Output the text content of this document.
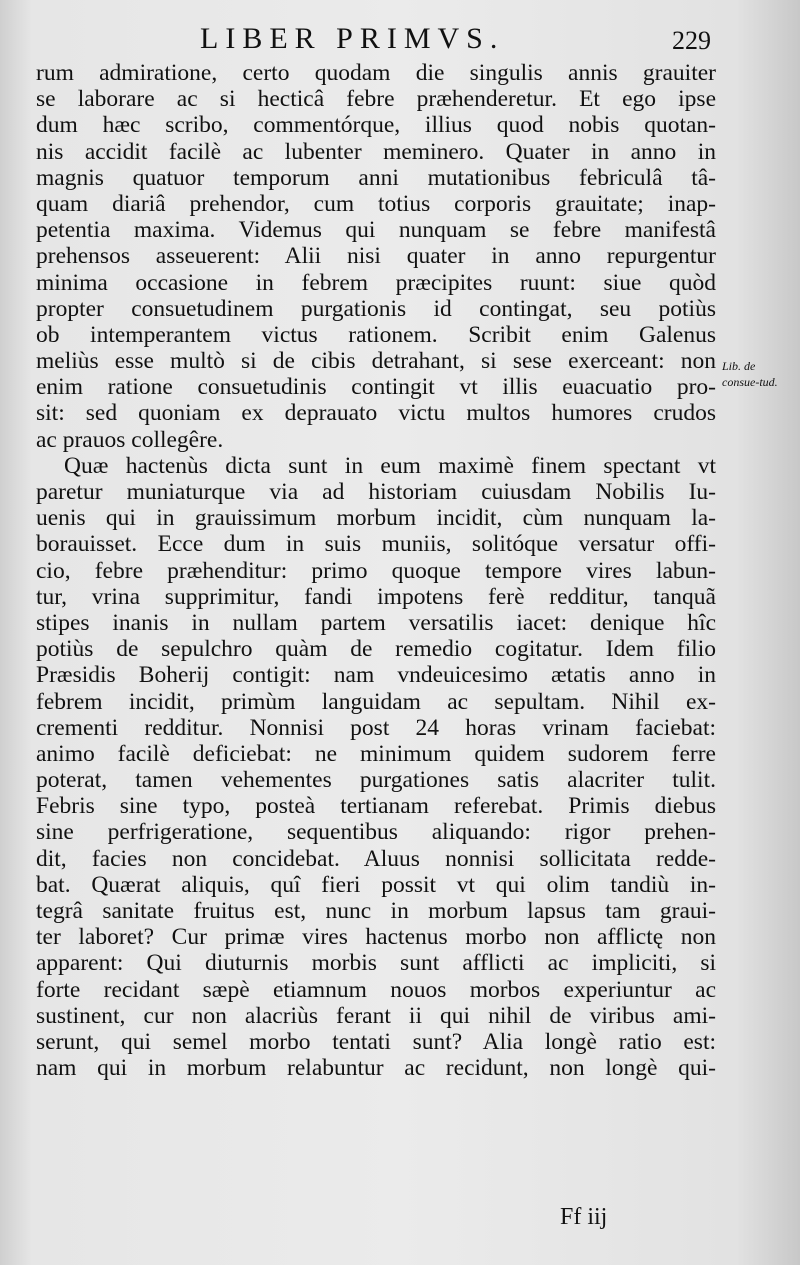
LIBER PRIMVS.	229
rum admiratione, certo quodam die singulis annis grauiter
se laborare ac si hecticâ febre præhenderetur. Et ego ipse
dum hæc scribo, commentórque, illius quod nobis quotan-
nis accidit facilè ac lubenter meminero. Quater in anno in
magnis quatuor temporum anni mutationibus febriculâ tâ-
quam diariâ prehendor, cum totius corporis grauitate; inap-
petentia maxima. Videmus qui nunquam se febre manifestâ
prehensos asseuerent: Alii nisi quater in anno repurgentur
minima occasione in febrem præcipites ruunt: siue quòd
propter consuetudinem purgationis id contingat, seu potiùs
ob intemperantem victus rationem. Scribit enim Galenus
meliùs esse multò si de cibis detrahant, si sese exerceant: non
enim ratione consuetudinis contingit vt illis euacuatio pro-
sit: sed quoniam ex deprauato victu multos humores crudos
ac prauos collegêre.
Quæ hactenùs dicta sunt in eum maximè finem spectant vt
paretur muniaturque via ad historiam cuiusdam Nobilis Iu-
uenis qui in grauissimum morbum incidit, cùm nunquam la-
borauisset. Ecce dum in suis muniis, solitóque versatur offi-
cio, febre præhenditur: primo quoque tempore vires labun-
tur, vrina supprimitur, fandi impotens ferè redditur, tanquã
stipes inanis in nullam partem versatilis iacet: denique hîc
potiùs de sepulchro quàm de remedio cogitatur. Idem filio
Præsidis Boherij contigit: nam vndeuicesimo ætatis anno in
febrem incidit, primùm languidam ac sepultam. Nihil ex-
crementi redditur. Nonnisi post 24 horas vrinam faciebat:
animo facilè deficiebat: ne minimum quidem sudorem ferre
poterat, tamen vehementes purgationes satis alacriter tulit.
Febris sine typo, posteà tertianam referebat. Primis diebus
sine perfrigeratione, sequentibus aliquando: rigor prehen-
dit, facies non concidebat. Aluus nonnisi sollicitata redde-
bat. Quærat aliquis, quî fieri possit vt qui olim tandiù in-
tegrâ sanitate fruitus est, nunc in morbum lapsus tam graui-
ter laboret? Cur primæ vires hactenus morbo non afflictę non
apparent: Qui diuturnis morbis sunt afflicti ac impliciti, si
forte recidant sæpè etiamnum nouos morbos experiuntur ac
sustinent, cur non alacriùs ferant ii qui nihil de viribus ami-
serunt, qui semel morbo tentati sunt? Alia longè ratio est:
nam qui in morbum relabuntur ac recidunt, non longè qui-
Lib. de consue-tud.
Ff iij
